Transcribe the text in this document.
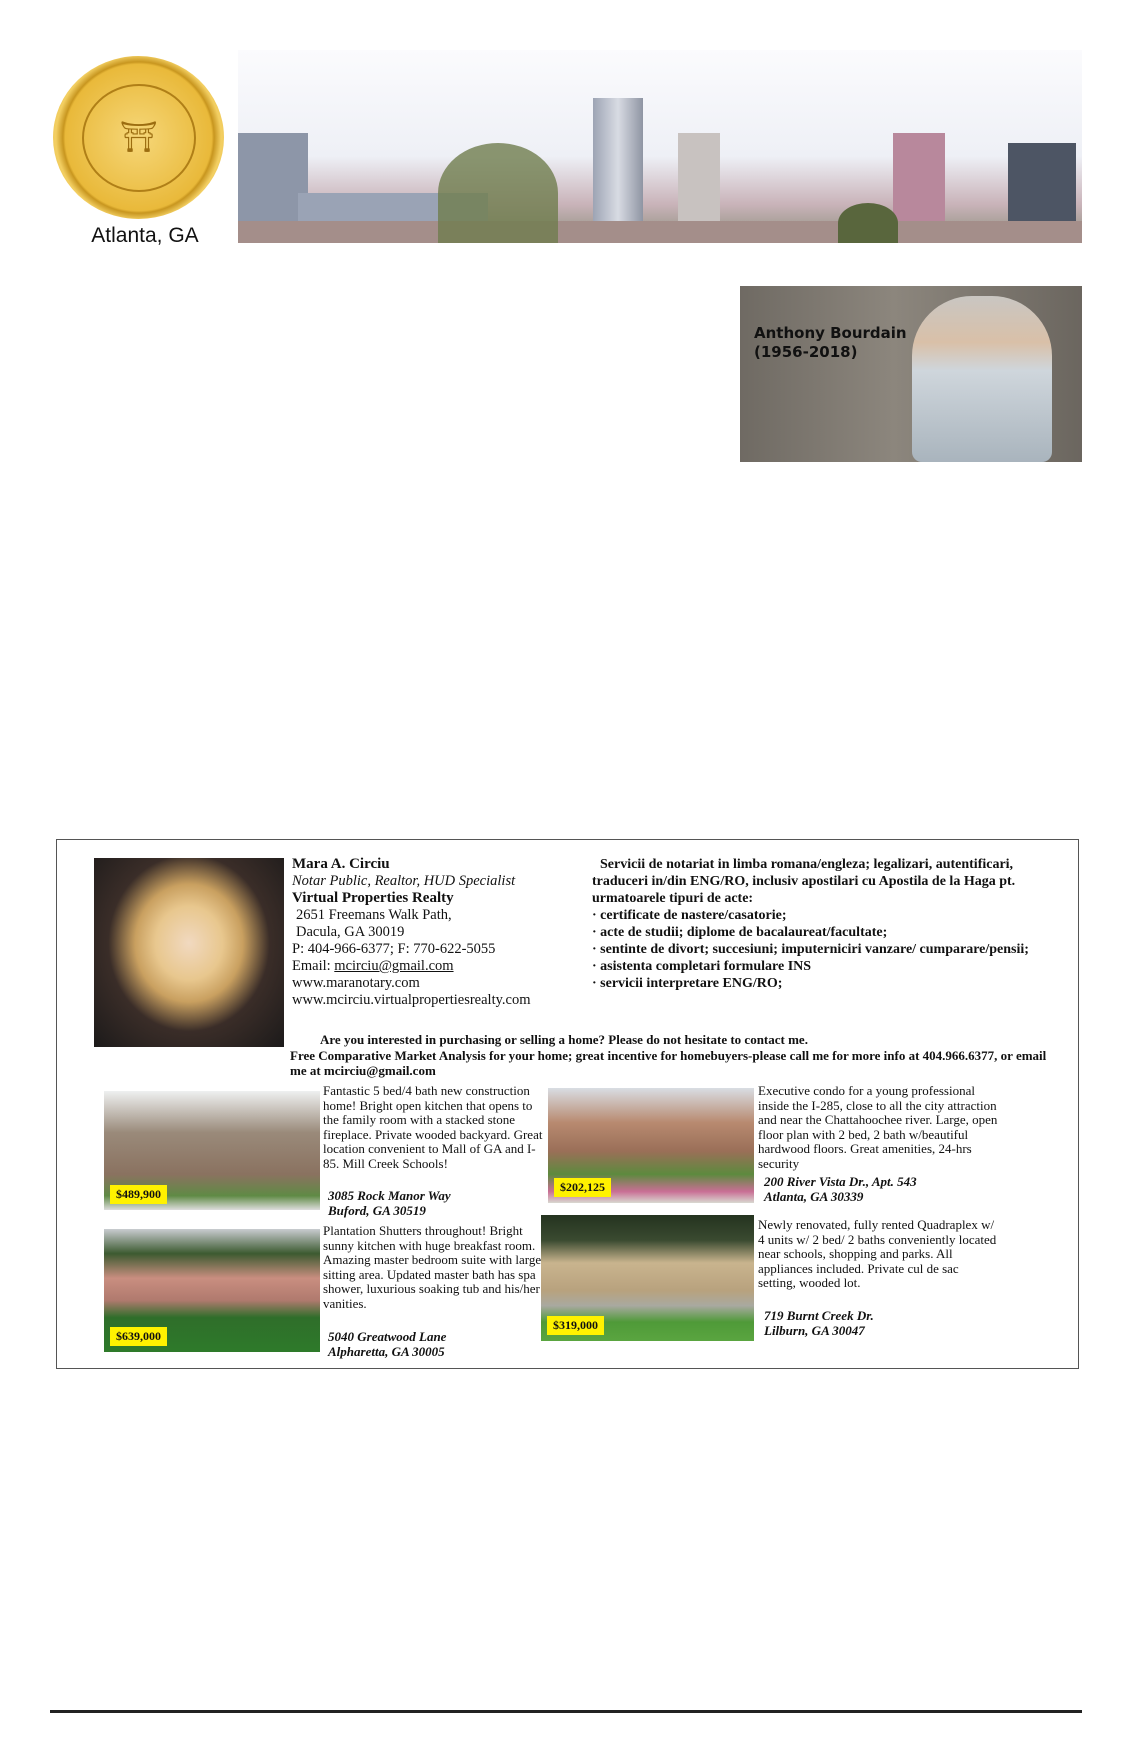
⛩
Atlanta, GA
Anthony Bourdain
(1956-2018)
Mara A. Circiu
Notar Public, Realtor, HUD Specialist
Virtual Properties Realty
2651 Freemans Walk Path,
Dacula, GA 30019
P: 404-966-6377; F: 770-622-5055
Email: mcirciu@gmail.com
www.maranotary.com
www.mcirciu.virtualpropertiesrealty.com
Servicii de notariat in limba romana/engleza; legalizari, autentificari, traduceri in/din ENG/RO, inclusiv apostilari cu Apostila de la Haga pt. urmatoarele tipuri de acte:
· certificate de nastere/casatorie;
· acte de studii; diplome de bacalaureat/facultate;
· sentinte de divort; succesiuni; imputerniciri vanzare/ cumparare/pensii;
· asistenta completari formulare INS
· servicii interpretare ENG/RO;
Are you interested in purchasing or selling a home? Please do not hesitate to contact me.
Free Comparative Market Analysis for your home; great incentive for homebuyers-please call me for more info at 404.966.6377, or email me at mcirciu@gmail.com
$489,900
Fantastic 5 bed/4 bath new construction home! Bright open kitchen that opens to the family room with a stacked stone fireplace. Private wooded backyard. Great location convenient to Mall of GA and I-85. Mill Creek Schools!
3085 Rock Manor Way
Buford, GA 30519
$202,125
Executive condo for a young professional inside the I-285, close to all the city attraction and near the Chattahoochee river. Large, open floor plan with 2 bed, 2 bath w/beautiful hardwood floors. Great amenities, 24-hrs security
200 River Vista Dr., Apt. 543
Atlanta, GA 30339
$639,000
Plantation Shutters throughout! Bright sunny kitchen with huge breakfast room. Amazing master bedroom suite with large sitting area. Updated master bath has spa shower, luxurious soaking tub and his/her vanities.
5040 Greatwood Lane
Alpharetta, GA 30005
$319,000
Newly renovated, fully rented Quadraplex w/ 4 units w/ 2 bed/ 2 baths conveniently located near schools, shopping and parks. All appliances included. Private cul de sac setting, wooded lot.
719 Burnt Creek Dr.
Lilburn, GA 30047
